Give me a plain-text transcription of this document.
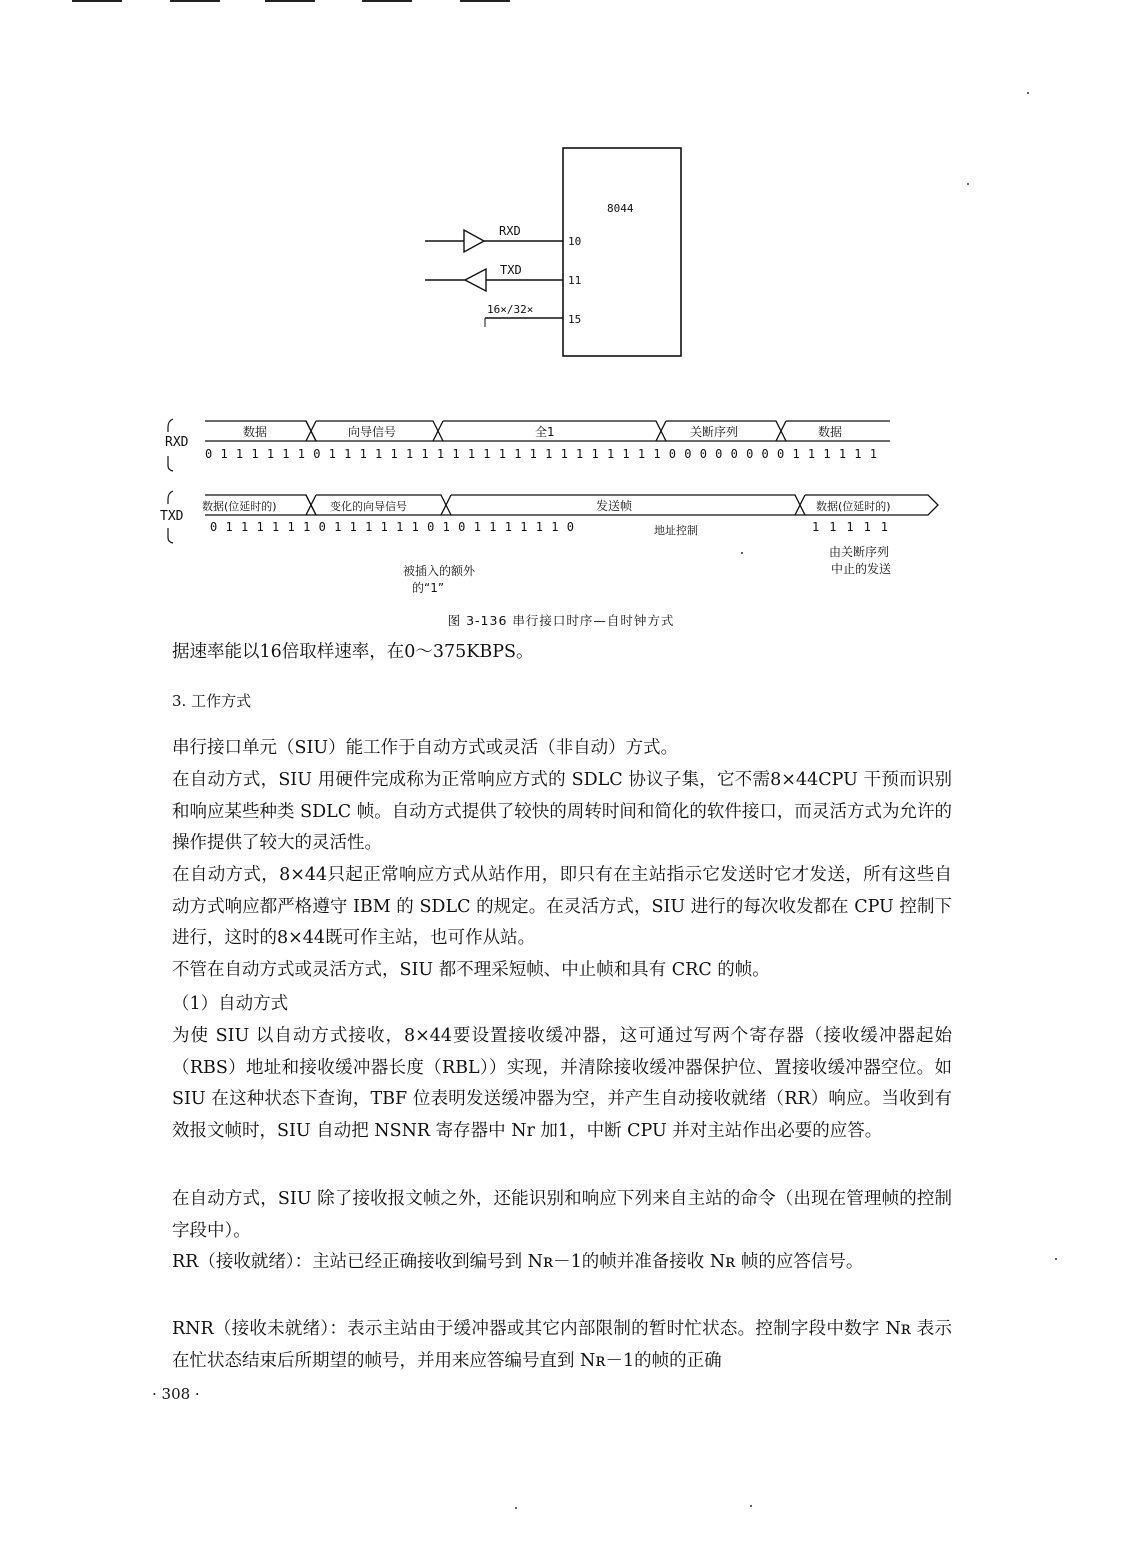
8044
RXD
10
TXD
11
16×/32×
15
RXD
TXD
数据	向导信号	全1	关断序列	数据
0 1 1 1 1 1 1 0 1 1 1 1 1 1 1 1 1 1 1 1 1 1 1 1 1 1 1 1 1 1 0 0 0 0 0 0 0 0 1 1 1 1 1 1
数据(位延时的)	变化的向导信号	发送帧	数据(位延时的)
0 1 1 1 1 1 1 0 1 1 1 1 1 1 0 1 0 1 1 1 1 1 1 0	1 1 1 1 1
地址控制
被插入的额外
的“1”
由关断序列
中止的发送
图 3-136 串行接口时序—自时钟方式

据速率能以16倍取样速率，在0～375KBPS。

3. 工作方式

串行接口单元（SIU）能工作于自动方式或灵活（非自动）方式。

在自动方式，SIU 用硬件完成称为正常响应方式的 SDLC 协议子集，它不需8×44CPU 干预而识别和响应某些种类 SDLC 帧。自动方式提供了较快的周转时间和简化的软件接口，而灵活方式为允许的操作提供了较大的灵活性。

在自动方式，8×44只起正常响应方式从站作用，即只有在主站指示它发送时它才发送，所有这些自动方式响应都严格遵守 IBM 的 SDLC 的规定。在灵活方式，SIU 进行的每次收发都在 CPU 控制下进行，这时的8×44既可作主站，也可作从站。

不管在自动方式或灵活方式，SIU 都不理采短帧、中止帧和具有 CRC 的帧。

（1）自动方式

为使 SIU 以自动方式接收，8×44要设置接收缓冲器，这可通过写两个寄存器（接收缓冲器起始（RBS）地址和接收缓冲器长度（RBL））实现，并清除接收缓冲器保护位、置接收缓冲器空位。如 SIU 在这种状态下查询，TBF 位表明发送缓冲器为空，并产生自动接收就绪（RR）响应。当收到有效报文帧时，SIU 自动把 NSNR 寄存器中 Nr 加1，中断 CPU 并对主站作出必要的应答。

在自动方式，SIU 除了接收报文帧之外，还能识别和响应下列来自主站的命令（出现在管理帧的控制字段中）。

RR（接收就绪）：主站已经正确接收到编号到 Nʀ－1的帧并准备接收 Nʀ 帧的应答信号。

RNR（接收未就绪）：表示主站由于缓冲器或其它内部限制的暂时忙状态。控制字段中数字 Nʀ 表示在忙状态结束后所期望的帧号，并用来应答编号直到 Nʀ－1的帧的正确

· 308 ·
